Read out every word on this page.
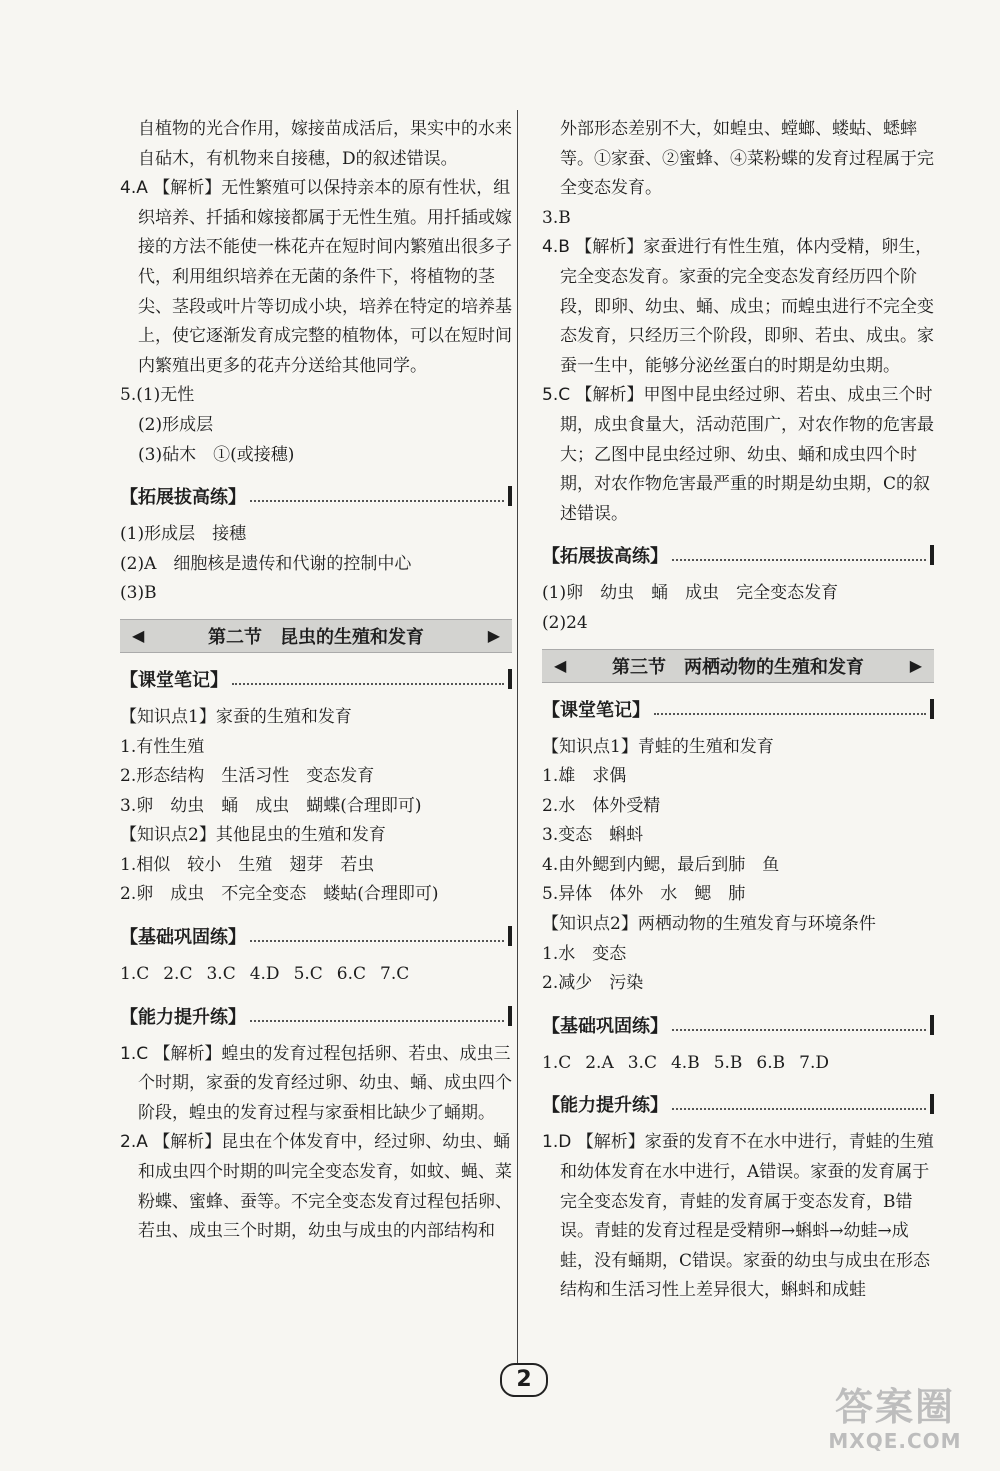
自植物的光合作用，嫁接苗成活后，果实中的水来自砧木，有机物来自接穗，D的叙述错误。

4.A 【解析】无性繁殖可以保持亲本的原有性状，组织培养、扦插和嫁接都属于无性生殖。用扦插或嫁接的方法不能使一株花卉在短时间内繁殖出很多子代，利用组织培养在无菌的条件下，将植物的茎尖、茎段或叶片等切成小块，培养在特定的培养基上，使它逐渐发育成完整的植物体，可以在短时间内繁殖出更多的花卉分送给其他同学。

5.(1)无性

(2)形成层

(3)砧木　①(或接穗)

【拓展拔高练】

(1)形成层　接穗

(2)A　细胞核是遗传和代谢的控制中心

(3)B

◀	第二节　昆虫的生殖和发育	▶
【课堂笔记】

【知识点1】家蚕的生殖和发育

1.有性生殖

2.形态结构　生活习性　变态发育

3.卵　幼虫　蛹　成虫　蝴蝶(合理即可)

【知识点2】其他昆虫的生殖和发育

1.相似　较小　生殖　翅芽　若虫

2.卵　成虫　不完全变态　蝼蛄(合理即可)

【基础巩固练】

1.C 2.C 3.C 4.D 5.C 6.C 7.C

【能力提升练】

1.C 【解析】蝗虫的发育过程包括卵、若虫、成虫三个时期，家蚕的发育经过卵、幼虫、蛹、成虫四个阶段，蝗虫的发育过程与家蚕相比缺少了蛹期。

2.A 【解析】昆虫在个体发育中，经过卵、幼虫、蛹和成虫四个时期的叫完全变态发育，如蚊、蝇、菜粉蝶、蜜蜂、蚕等。不完全变态发育过程包括卵、若虫、成虫三个时期，幼虫与成虫的内部结构和

外部形态差别不大，如蝗虫、螳螂、蝼蛄、蟋蟀等。①家蚕、②蜜蜂、④菜粉蝶的发育过程属于完全变态发育。

3.B

4.B 【解析】家蚕进行有性生殖，体内受精，卵生，完全变态发育。家蚕的完全变态发育经历四个阶段，即卵、幼虫、蛹、成虫；而蝗虫进行不完全变态发育，只经历三个阶段，即卵、若虫、成虫。家蚕一生中，能够分泌丝蛋白的时期是幼虫期。

5.C 【解析】甲图中昆虫经过卵、若虫、成虫三个时期，成虫食量大，活动范围广，对农作物的危害最大；乙图中昆虫经过卵、幼虫、蛹和成虫四个时期，对农作物危害最严重的时期是幼虫期，C的叙述错误。

【拓展拔高练】

(1)卵　幼虫　蛹　成虫　完全变态发育

(2)24

◀	第三节　两栖动物的生殖和发育	▶
【课堂笔记】

【知识点1】青蛙的生殖和发育

1.雄　求偶

2.水　体外受精

3.变态　蝌蚪

4.由外鳃到内鳃，最后到肺　鱼

5.异体　体外　水　鳃　肺

【知识点2】两栖动物的生殖发育与环境条件

1.水　变态

2.减少　污染

【基础巩固练】

1.C 2.A 3.C 4.B 5.B 6.B 7.D

【能力提升练】

1.D 【解析】家蚕的发育不在水中进行，青蛙的生殖和幼体发育在水中进行，A错误。家蚕的发育属于完全变态发育，青蛙的发育属于变态发育，B错误。青蛙的发育过程是受精卵→蝌蚪→幼蛙→成蛙，没有蛹期，C错误。家蚕的幼虫与成虫在形态结构和生活习性上差异很大，蝌蚪和成蛙

2
答案圈
MXQE.COM
